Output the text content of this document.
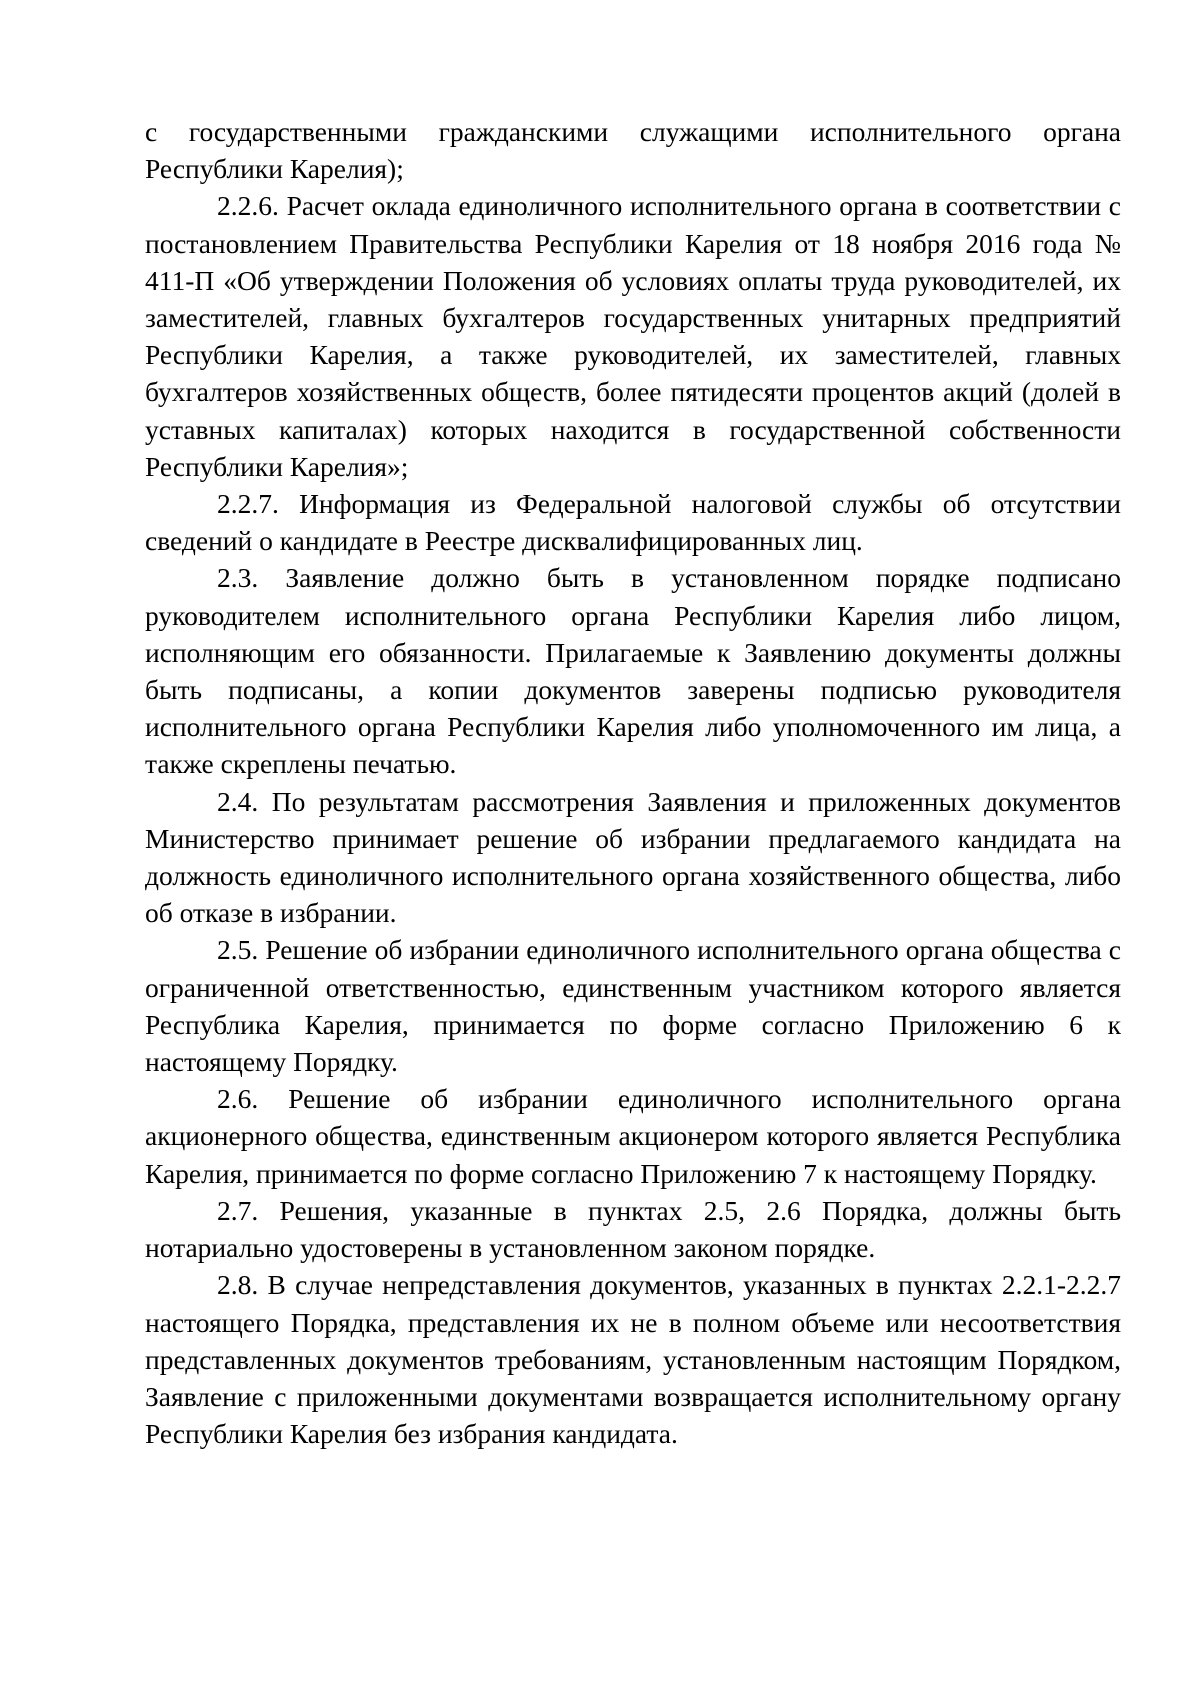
с государственными гражданскими служащими исполнительного органа Республики Карелия);

2.2.6. Расчет оклада единоличного исполнительного органа в соответствии с постановлением Правительства Республики Карелия от 18 ноября 2016 года № 411-П «Об утверждении Положения об условиях оплаты труда руководителей, их заместителей, главных бухгалтеров государственных унитарных предприятий Республики Карелия, а также руководителей, их заместителей, главных бухгалтеров хозяйственных обществ, более пятидесяти процентов акций (долей в уставных капиталах) которых находится в государственной собственности Республики Карелия»;

2.2.7. Информация из Федеральной налоговой службы об отсутствии сведений о кандидате в Реестре дисквалифицированных лиц.

2.3. Заявление должно быть в установленном порядке подписано руководителем исполнительного органа Республики Карелия либо лицом, исполняющим его обязанности. Прилагаемые к Заявлению документы должны быть подписаны, а копии документов заверены подписью руководителя исполнительного органа Республики Карелия либо уполномоченного им лица, а также скреплены печатью.

2.4. По результатам рассмотрения Заявления и приложенных документов Министерство принимает решение об избрании предлагаемого кандидата на должность единоличного исполнительного органа хозяйственного общества, либо об отказе в избрании.

2.5. Решение об избрании единоличного исполнительного органа общества с ограниченной ответственностью, единственным участником которого является Республика Карелия, принимается по форме согласно Приложению 6 к настоящему Порядку.

2.6. Решение об избрании единоличного исполнительного органа акционерного общества, единственным акционером которого является Республика Карелия, принимается по форме согласно Приложению 7 к настоящему Порядку.

2.7. Решения, указанные в пунктах 2.5, 2.6 Порядка, должны быть нотариально удостоверены в установленном законом порядке.

2.8. В случае непредставления документов, указанных в пунктах 2.2.1-2.2.7 настоящего Порядка, представления их не в полном объеме или несоответствия представленных документов требованиям, установленным настоящим Порядком, Заявление с приложенными документами возвращается исполнительному органу Республики Карелия без избрания кандидата.
